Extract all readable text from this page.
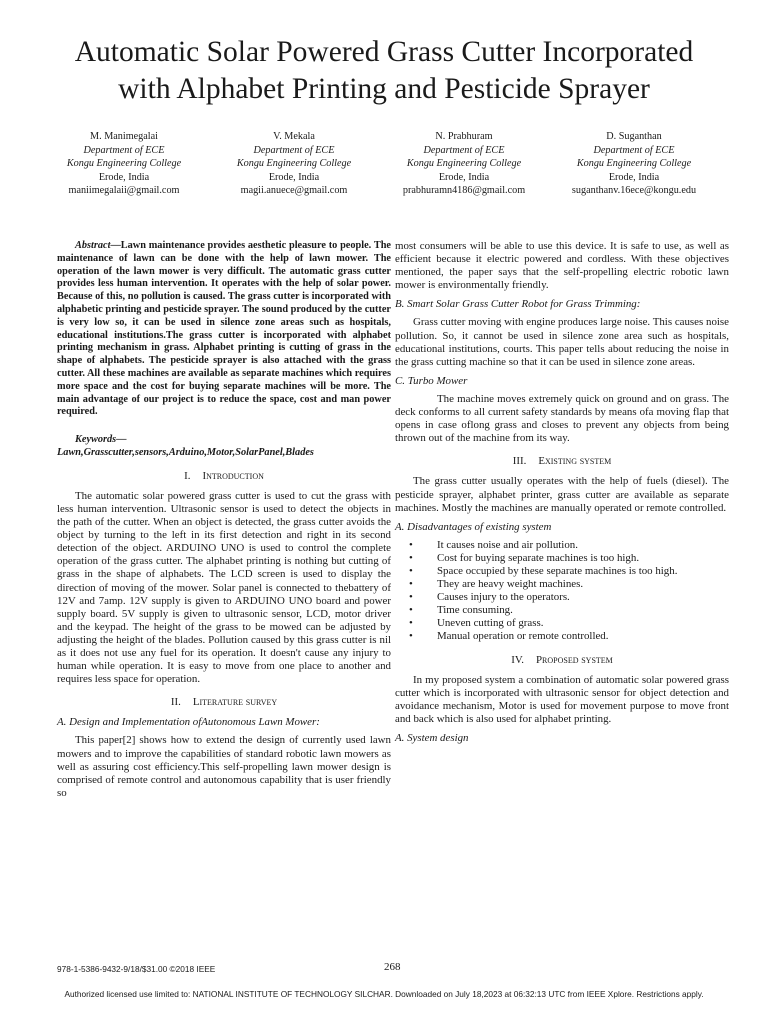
Automatic Solar Powered Grass Cutter Incorporated
with Alphabet Printing and Pesticide Sprayer
M. Manimegalai
Department of ECE
Kongu Engineering College
Erode, India
maniimegalaii@gmail.com
V. Mekala
Department of ECE
Kongu Engineering College
Erode, India
magii.anuece@gmail.com
N. Prabhuram
Department of ECE
Kongu Engineering College
Erode, India
prabhuramn4186@gmail.com
D. Suganthan
Department of ECE
Kongu Engineering College
Erode, India
suganthanv.16ece@kongu.edu

Abstract—Lawn maintenance provides aesthetic pleasure to people. The maintenance of lawn can be done with the help of lawn mower. The operation of the lawn mower is very difficult. The automatic grass cutter provides less human intervention. It operates with the help of solar power. Because of this, no pollution is caused. The grass cutter is incorporated with alphabetic printing and pesticide sprayer. The sound produced by the cutter is very low so, it can be used in silence zone areas such as hospitals, educational institutions.The grass cutter is incorporated with alphabet printing mechanism in grass. Alphabet printing is cutting of grass in the shape of alphabets. The pesticide sprayer is also attached with the grass cutter. All these machines are available as separate machines which requires more space and the cost for buying separate machines will be more. The main advantage of our project is to reduce the space, cost and man power required.

Keywords—
Lawn,Grasscutter,sensors,Arduino,Motor,SolarPanel,Blades

I. Introduction

The automatic solar powered grass cutter is used to cut the grass with less human intervention. Ultrasonic sensor is used to detect the objects in the path of the cutter. When an object is detected, the grass cutter avoids the object by turning to the left in its first detection and right in its second detection of the object. ARDUINO UNO is used to control the complete operation of the grass cutter. The alphabet printing is nothing but cutting of grass in the shape of alphabets. The LCD screen is used to display the direction of moving of the mower. Solar panel is connected to thebattery of 12V and 7amp. 12V supply is given to ARDUINO UNO board and power supply board. 5V supply is given to ultrasonic sensor, LCD, motor driver and the keypad. The height of the grass to be mowed can be adjusted by adjusting the height of the blades. Pollution caused by this grass cutter is nil as it does not use any fuel for its operation. It doesn't cause any injury to human while operation. It is easy to move from one place to another and requires less space for operation.

II. Literature survey

A. Design and Implementation ofAutonomous Lawn Mower:

This paper[2] shows how to extend the design of currently used lawn mowers and to improve the capabilities of standard robotic lawn mowers as well as assuring cost efficiency.This self-propelling lawn mower design is comprised of remote control and autonomous capability that is user friendly so

most consumers will be able to use this device. It is safe to use, as well as efficient because it electric powered and cordless. With these objectives mentioned, the paper says that the self-propelling electric robotic lawn mower is environmentally friendly.

B. Smart Solar Grass Cutter Robot for Grass Trimming:

Grass cutter moving with engine produces large noise. This causes noise pollution. So, it cannot be used in silence zone area such as hospitals, educational institutions, courts. This paper tells about reducing the noise in the grass cutting machine so that it can be used in silence zone areas.

C. Turbo Mower

The machine moves extremely quick on ground and on grass. The deck conforms to all current safety standards by means ofa moving flap that opens in case oflong grass and closes to prevent any objects from being thrown out of the machine from its way.

III. Existing system

The grass cutter usually operates with the help of fuels (diesel). The pesticide sprayer, alphabet printer, grass cutter are available as separate machines. Mostly the machines are manually operated or remote controlled.

A. Disadvantages of existing system

• It causes noise and air pollution.
• Cost for buying separate machines is too high.
• Space occupied by these separate machines is too high.
• They are heavy weight machines.
• Causes injury to the operators.
• Time consuming.
• Uneven cutting of grass.
• Manual operation or remote controlled.
IV. Proposed system

In my proposed system a combination of automatic solar powered grass cutter which is incorporated with ultrasonic sensor for object detection and avoidance mechanism, Motor is used for movement purpose to move front and back which is also used for alphabet printing.

A. System design

978-1-5386-9432-9/18/$31.00 ©2018 IEEE	268
Authorized licensed use limited to: NATIONAL INSTITUTE OF TECHNOLOGY SILCHAR. Downloaded on July 18,2023 at 06:32:13 UTC from IEEE Xplore. Restrictions apply.
